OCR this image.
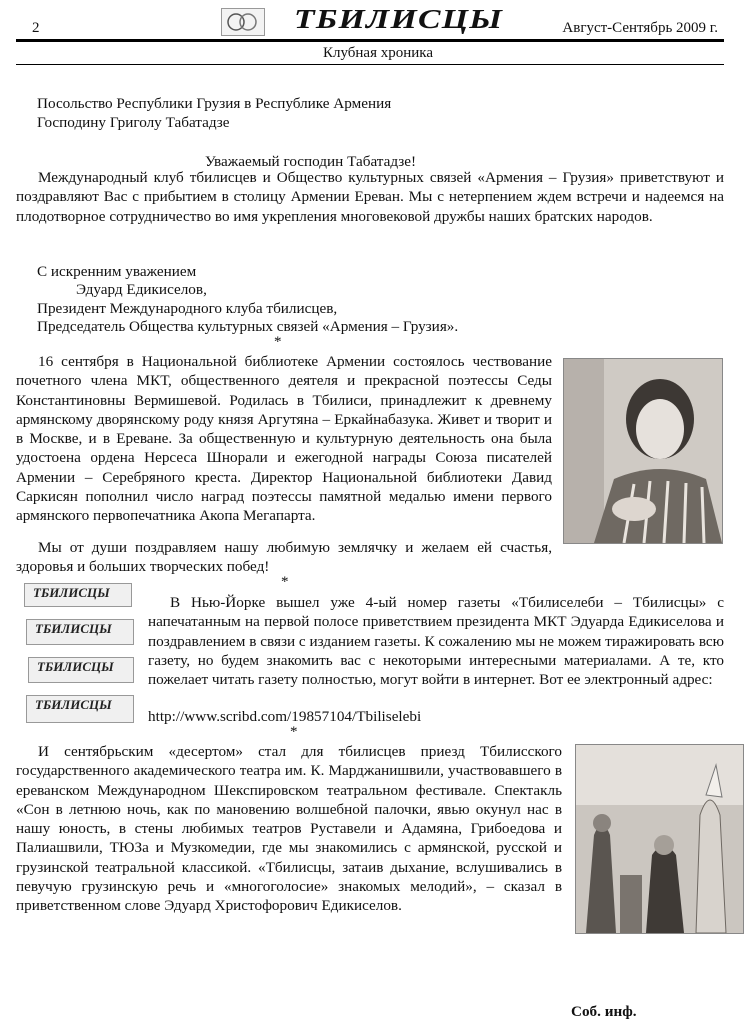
2	ТБИЛИСЦЫ	Август-Сентябрь 2009 г.
Клубная хроника
Посольство Республики Грузия в Республике Армения
Господину Григолу Табатадзе
Уважаемый господин Табатадзе!
Международный клуб тбилисцев и Общество культурных связей «Армения – Грузия» приветствуют и поздравляют Вас с прибытием в столицу Армении Ереван. Мы с нетерпением ждем встречи и надеемся на плодотворное сотрудничество во имя укрепления многовековой дружбы наших братских народов.
С искренним уважением
Эдуард Едикиселов,
Президент Международного клуба тбилисцев,
Председатель Общества культурных связей «Армения – Грузия».
*
16 сентября в Национальной библиотеке Армении состоялось чествование почетного члена МКТ, общественного деятеля и прекрасной поэтессы Седы Константиновны Вермишевой. Родилась в Тбилиси, принадлежит к древнему армянскому дворянскому роду князя Аргутяна – Еркайнабазука. Живет и творит и в Москве, и в Ереване. За общественную и культурную деятельность она была удостоена ордена Нерсеса Шнорали и ежегодной награды Союза писателей Армении – Серебряного креста. Директор Национальной библиотеки Давид Саркисян пополнил число наград поэтессы памятной медалью имени первого армянского первопечатника Акопа Мегапарта.
Мы от души поздравляем нашу любимую землячку и желаем ей счастья, здоровья и больших творческих побед!
*
ТБИЛИСЦЫ
ТБИЛИСЦЫ
ТБИЛИСЦЫ
ТБИЛИСЦЫ
В Нью-Йорке вышел уже 4-ый номер газеты «Тбилиселеби – Тбилисцы» с напечатанным на первой полосе приветствием президента МКТ Эдуарда Едикиселова и поздравлением в связи с изданием газеты. К сожалению мы не можем тиражировать всю газету, но будем знакомить вас с некоторыми интересными материалами. А те, кто пожелает читать газету полностью, могут войти в интернет. Вот ее электронный адрес:
http://www.scribd.com/19857104/Tbiliselebi
*
И сентябрьским «десертом» стал для тбилисцев приезд Тбилисского государственного академического театра им. К. Марджанишвили, участвовавшего в ереванском Международном Шекспировском театральном фестивале. Спектакль «Сон в летнюю ночь, как по мановению волшебной палочки, явью окунул нас в нашу юность, в стены любимых театров Руставели и Адамяна, Грибоедова и Палиашвили, ТЮЗа и Музкомедии, где мы знакомились с армянской, русской и грузинской театральной классикой. «Тбилисцы, затаив дыхание, вслушивались в певучую грузинскую речь и «многоголосие» знакомых мелодий», – сказал в приветственном слове Эдуард Христофорович Едикиселов.
Соб. инф.
